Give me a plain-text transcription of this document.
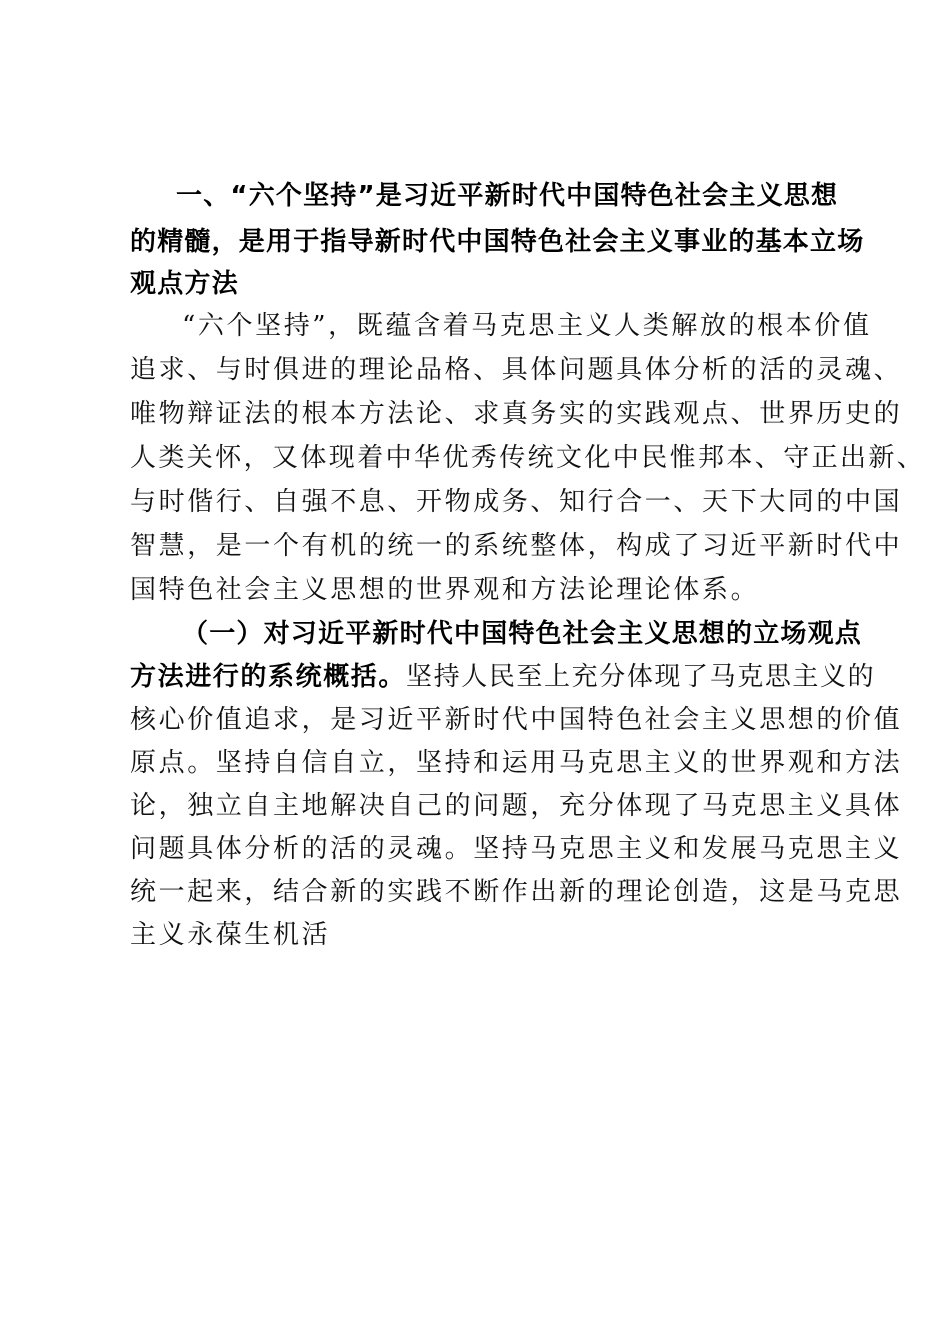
一、“六个坚持”是习近平新时代中国特色社会主义思想
的精髓，是用于指导新时代中国特色社会主义事业的基本立场
观点方法
“六个坚持”，既蕴含着马克思主义人类解放的根本价值
追求、与时俱进的理论品格、具体问题具体分析的活的灵魂、
唯物辩证法的根本方法论、求真务实的实践观点、世界历史的
人类关怀，又体现着中华优秀传统文化中民惟邦本、守正出新、
与时偕行、自强不息、开物成务、知行合一、天下大同的中国
智慧，是一个有机的统一的系统整体，构成了习近平新时代中
国特色社会主义思想的世界观和方法论理论体系。
（一）对习近平新时代中国特色社会主义思想的立场观点
方法进行的系统概括。坚持人民至上充分体现了马克思主义的
核心价值追求，是习近平新时代中国特色社会主义思想的价值
原点。坚持自信自立，坚持和运用马克思主义的世界观和方法
论，独立自主地解决自己的问题，充分体现了马克思主义具体
问题具体分析的活的灵魂。坚持马克思主义和发展马克思主义
统一起来，结合新的实践不断作出新的理论创造，这是马克思
主义永葆生机活
